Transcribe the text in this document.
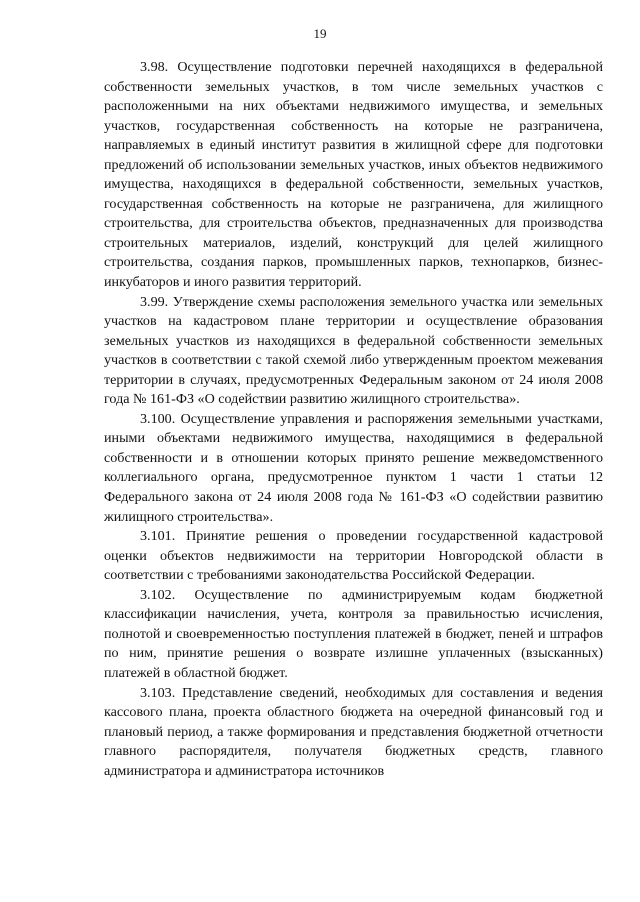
19

3.98. Осуществление подготовки перечней находящихся в федеральной собственности земельных участков, в том числе земельных участков с расположенными на них объектами недвижимого имущества, и земельных участков, государственная собственность на которые не разграничена, направляемых в единый институт развития в жилищной сфере для подготовки предложений об использовании земельных участков, иных объектов недвижимого имущества, находящихся в федеральной собственности, земельных участков, государственная собственность на которые не разграничена, для жилищного строительства, для строительства объектов, предназначенных для производства строительных материалов, изделий, конструкций для целей жилищного строительства, создания парков, промышленных парков, технопарков, бизнес-инкубаторов и иного развития территорий.

3.99. Утверждение схемы расположения земельного участка или земельных участков на кадастровом плане территории и осуществление образования земельных участков из находящихся в федеральной собственности земельных участков в соответствии с такой схемой либо утвержденным проектом межевания территории в случаях, предусмотренных Федеральным законом от 24 июля 2008 года № 161-ФЗ «О содействии развитию жилищного строительства».

3.100. Осуществление управления и распоряжения земельными участками, иными объектами недвижимого имущества, находящимися в федеральной собственности и в отношении которых принято решение межведомственного коллегиального органа, предусмотренное пунктом 1 части 1 статьи 12 Федерального закона от 24 июля 2008 года № 161-ФЗ «О содействии развитию жилищного строительства».

3.101. Принятие решения о проведении государственной кадастровой оценки объектов недвижимости на территории Новгородской области в соответствии с требованиями законодательства Российской Федерации.

3.102. Осуществление по администрируемым кодам бюджетной классификации начисления, учета, контроля за правильностью исчисления, полнотой и своевременностью поступления платежей в бюджет, пеней и штрафов по ним, принятие решения о возврате излишне уплаченных (взысканных) платежей в областной бюджет.

3.103. Представление сведений, необходимых для составления и ведения кассового плана, проекта областного бюджета на очередной финансовый год и плановый период, а также формирования и представления бюджетной отчетности главного распорядителя, получателя бюджетных средств, главного администратора и администратора источников
